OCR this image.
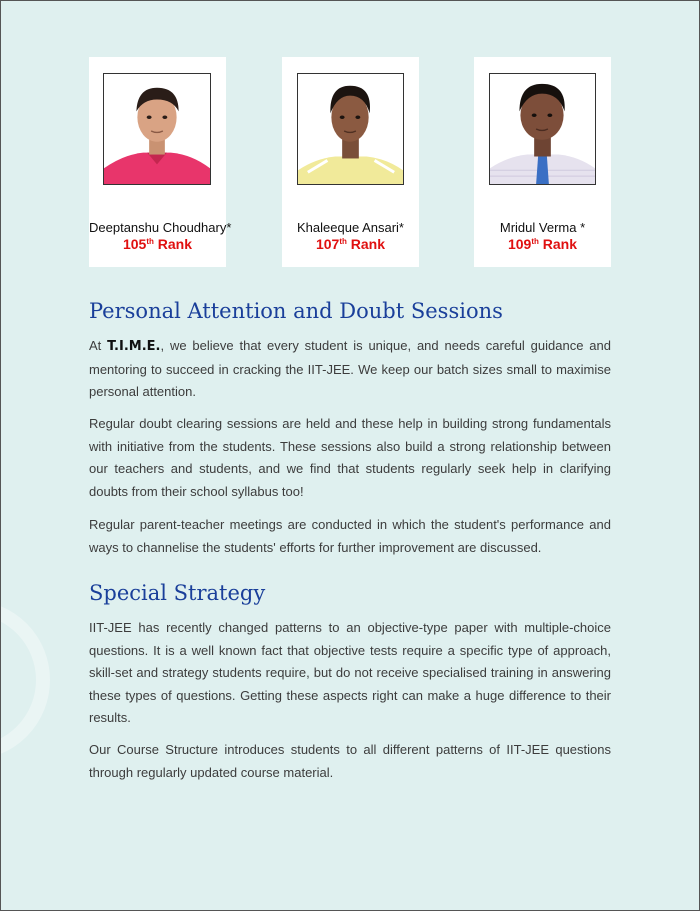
Deeptanshu Choudhary*
105th Rank
Khaleeque Ansari*
107th Rank
Mridul Verma *
109th Rank
Personal Attention and Doubt Sessions

At T.I.M.E., we believe that every student is unique, and needs careful guidance and mentoring to succeed in cracking the IIT-JEE. We keep our batch sizes small to maximise personal attention.

Regular doubt clearing sessions are held and these help in building strong fundamentals with initiative from the students. These sessions also build a strong relationship between our teachers and students, and we find that students regularly seek help in clarifying doubts from their school syllabus too!

Regular parent-teacher meetings are conducted in which the student's performance and ways to channelise the students' efforts for further improvement are discussed.

Special Strategy

IIT-JEE has recently changed patterns to an objective-type paper with multiple-choice questions. It is a well known fact that objective tests require a specific type of approach, skill-set and strategy students require, but do not receive specialised training in answering these types of questions. Getting these aspects right can make a huge difference to their results.

Our Course Structure introduces students to all different patterns of IIT-JEE questions through regularly updated course material.
